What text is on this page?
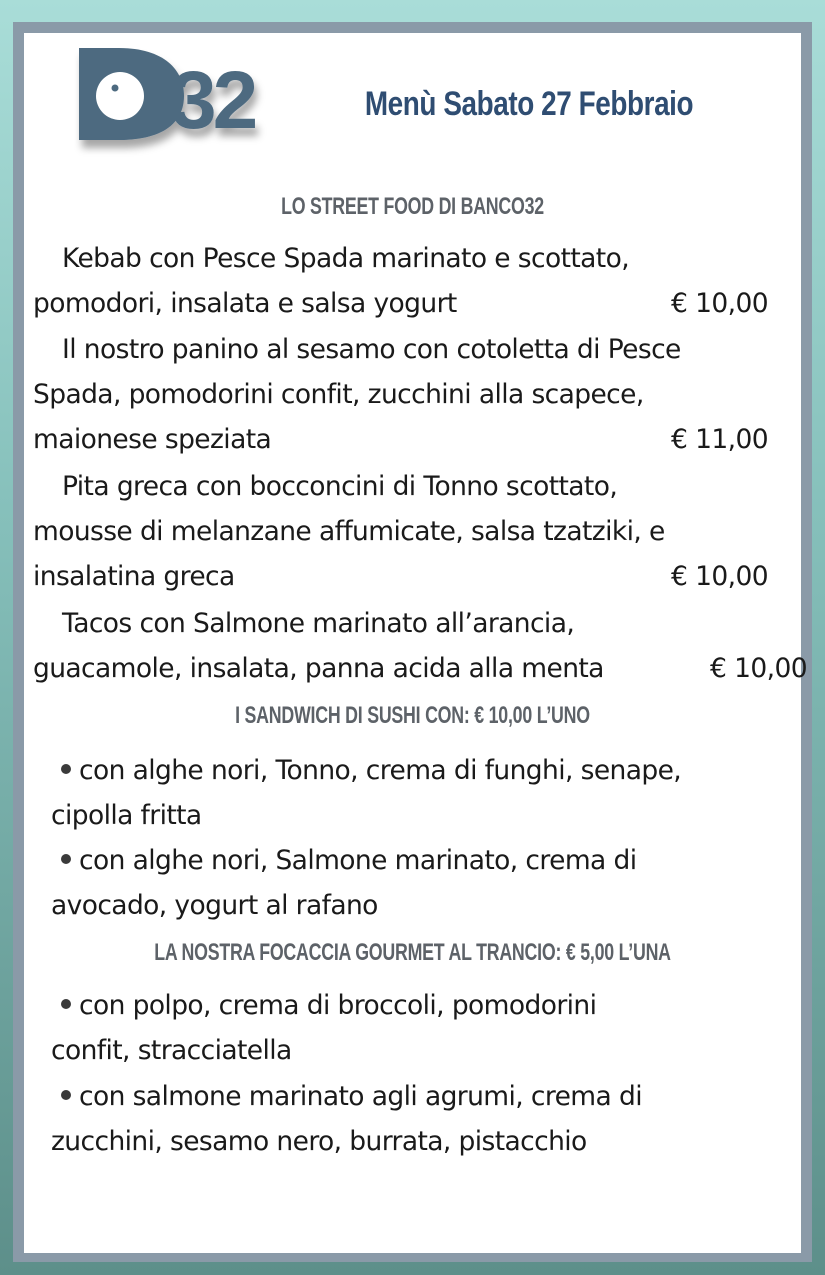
32	Menù Sabato 27 Febbraio
LO STREET FOOD DI BANCO32
Kebab con Pesce Spada marinato e scottato,
pomodori, insalata e salsa yogurt	€ 10,00
Il nostro panino al sesamo con cotoletta di Pesce
Spada, pomodorini confit, zucchini alla scapece,
maionese speziata	€ 11,00
Pita greca con bocconcini di Tonno scottato,
mousse di melanzane affumicate, salsa tzatziki, e
insalatina greca	€ 10,00
Tacos con Salmone marinato all’arancia,
guacamole, insalata, panna acida alla menta	€ 10,00
I SANDWICH DI SUSHI CON: € 10,00 L’UNO
con alghe nori, Tonno, crema di funghi, senape,
cipolla fritta
con alghe nori, Salmone marinato, crema di
avocado, yogurt al rafano
LA NOSTRA FOCACCIA GOURMET AL TRANCIO: € 5,00 L’UNA
con polpo, crema di broccoli, pomodorini
confit, stracciatella
con salmone marinato agli agrumi, crema di
zucchini, sesamo nero, burrata, pistacchio
